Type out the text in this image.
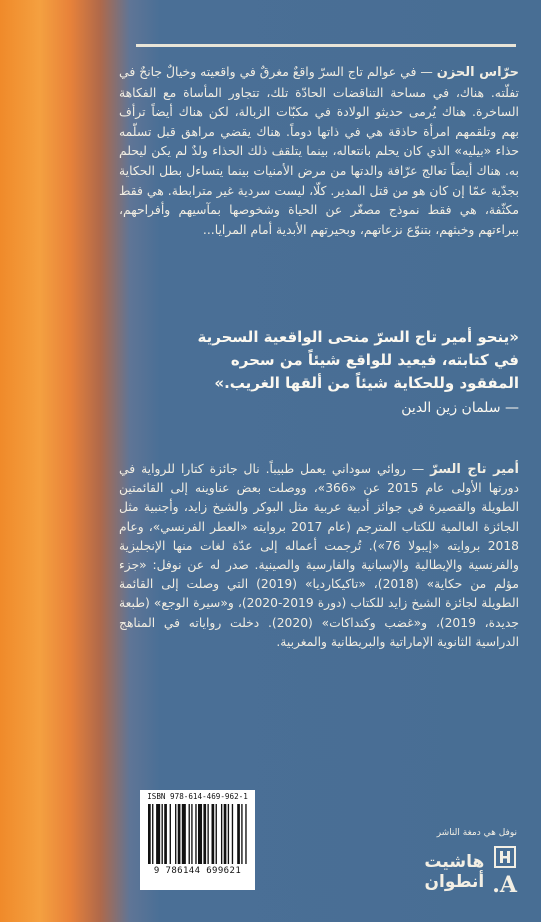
حرّاس الحزن — في عوالم تاج السرّ واقعٌ مغرقٌ في واقعيته وخيالٌ جانحٌ في تفلّته. هناك، في مساحة التناقضات الحادّة تلك، تتجاور المأساة مع الفكاهة الساخرة. هناك يُرمى حديثو الولادة في مكبّات الزبالة، لكن هناك أيضاً ترأف بهم وتلقمهم امرأة حاذقة هي في ذاتها دوماً. هناك يقضي مراهق قبل تسلّمه حذاء «بيليه» الذي كان يحلم بانتعاله، بينما يتلقف ذلك الحذاء ولدٌ لم يكن ليحلم به. هناك أيضاً تعالج عرّافة والدتها من مرض الأمنيات بينما يتساءل بطل الحكاية بجدّية عمّا إن كان هو من قتل المدير. كلّا، ليست سردية غير مترابطة. هي فقط مكثّفة، هي فقط نموذج مصغّر عن الحياة وشخوصها بمآسيهم وأفراحهم، ببراءتهم وخبثهم، بتنوّع نزعاتهم، وبحيرتهم الأبدية أمام المرايا...
«ينحو أمير تاج السرّ منحى الواقعية السحرية في كتابته، فيعيد للواقع شيئاً من سحره المفقود وللحكاية شيئاً من ألقها الغريب.»
— سلمان زين الدين
أمير تاج السرّ — روائي سوداني يعمل طبيباً. نال جائزة كتارا للرواية في دورتها الأولى عام 2015 عن «366»، ووصلت بعض عناوينه إلى القائمتين الطويلة والقصيرة في جوائز أدبية عربية مثل البوكر والشيخ زايد، وأجنبية مثل الجائزة العالمية للكتاب المترجم (عام 2017 بروايته «العطر الفرنسي»، وعام 2018 بروايته «إيبولا 76»). تُرجمت أعماله إلى عدّة لغات منها الإنجليزية والفرنسية والإيطالية والإسبانية والفارسية والصينية. صدر له عن نوفل: «جزء مؤلم من حكاية» (2018)، «تاكيكارديا» (2019) التي وصلت إلى القائمة الطويلة لجائزة الشيخ زايد للكتاب (دورة 2019-2020)، و«سيرة الوجع» (طبعة جديدة، 2019)، و«غضب وكنداكات» (2020). دخلت رواياته في المناهج الدراسية الثانوية الإماراتية والبريطانية والمغربية.
ISBN 978-614-469-962-1
9 786144 699621
نوفل هي دمغة الناشر
A.
هاشيت
أنطوان
